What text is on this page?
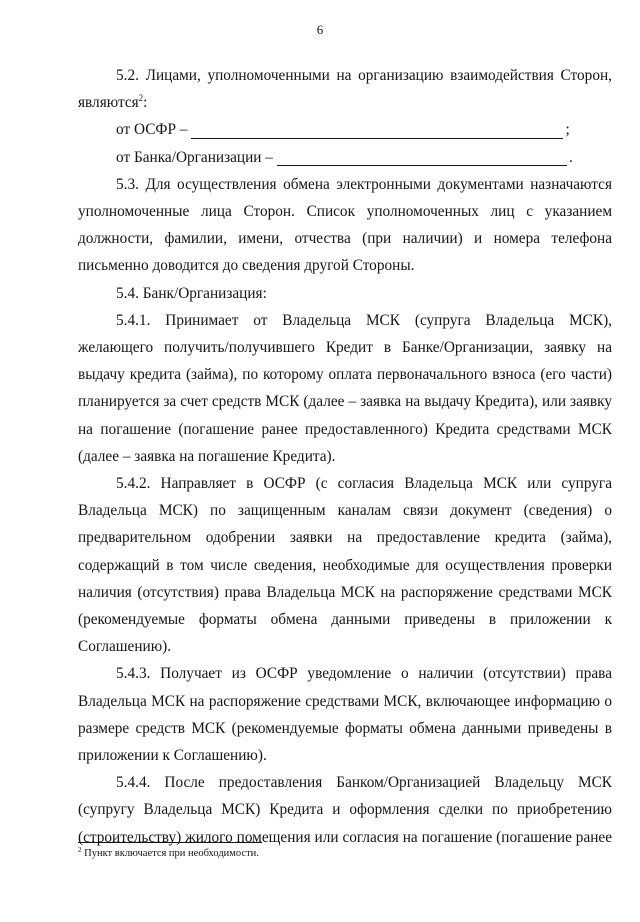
6

5.2. Лицами, уполномоченными на организацию взаимодействия Сторон, являются$^2$:

от ОСФР –	;
от Банка/Организации –	.

5.3. Для осуществления обмена электронными документами назначаются уполномоченные лица Сторон. Список уполномоченных лиц с указанием должности, фамилии, имени, отчества (при наличии) и номера телефона письменно доводится до сведения другой Стороны.

5.4. Банк/Организация:

5.4.1. Принимает от Владельца МСК (супруга Владельца МСК), желающего получить/получившего Кредит в Банке/Организации, заявку на выдачу кредита (займа), по которому оплата первоначального взноса (его части) планируется за счет средств МСК (далее – заявка на выдачу Кредита), или заявку на погашение (погашение ранее предоставленного) Кредита средствами МСК (далее – заявка на погашение Кредита).

5.4.2. Направляет в ОСФР (с согласия Владельца МСК или супруга Владельца МСК) по защищенным каналам связи документ (сведения) о предварительном одобрении заявки на предоставление кредита (займа), содержащий в том числе сведения, необходимые для осуществления проверки наличия (отсутствия) права Владельца МСК на распоряжение средствами МСК (рекомендуемые форматы обмена данными приведены в приложении к Соглашению).

5.4.3. Получает из ОСФР уведомление о наличии (отсутствии) права Владельца МСК на распоряжение средствами МСК, включающее информацию о размере средств МСК (рекомендуемые форматы обмена данными приведены в приложении к Соглашению).

5.4.4. После предоставления Банком/Организацией Владельцу МСК (супругу Владельца МСК) Кредита и оформления сделки по приобретению (строительству) жилого помещения или согласия на погашение (погашение ранее

$^2$ Пункт включается при необходимости.
